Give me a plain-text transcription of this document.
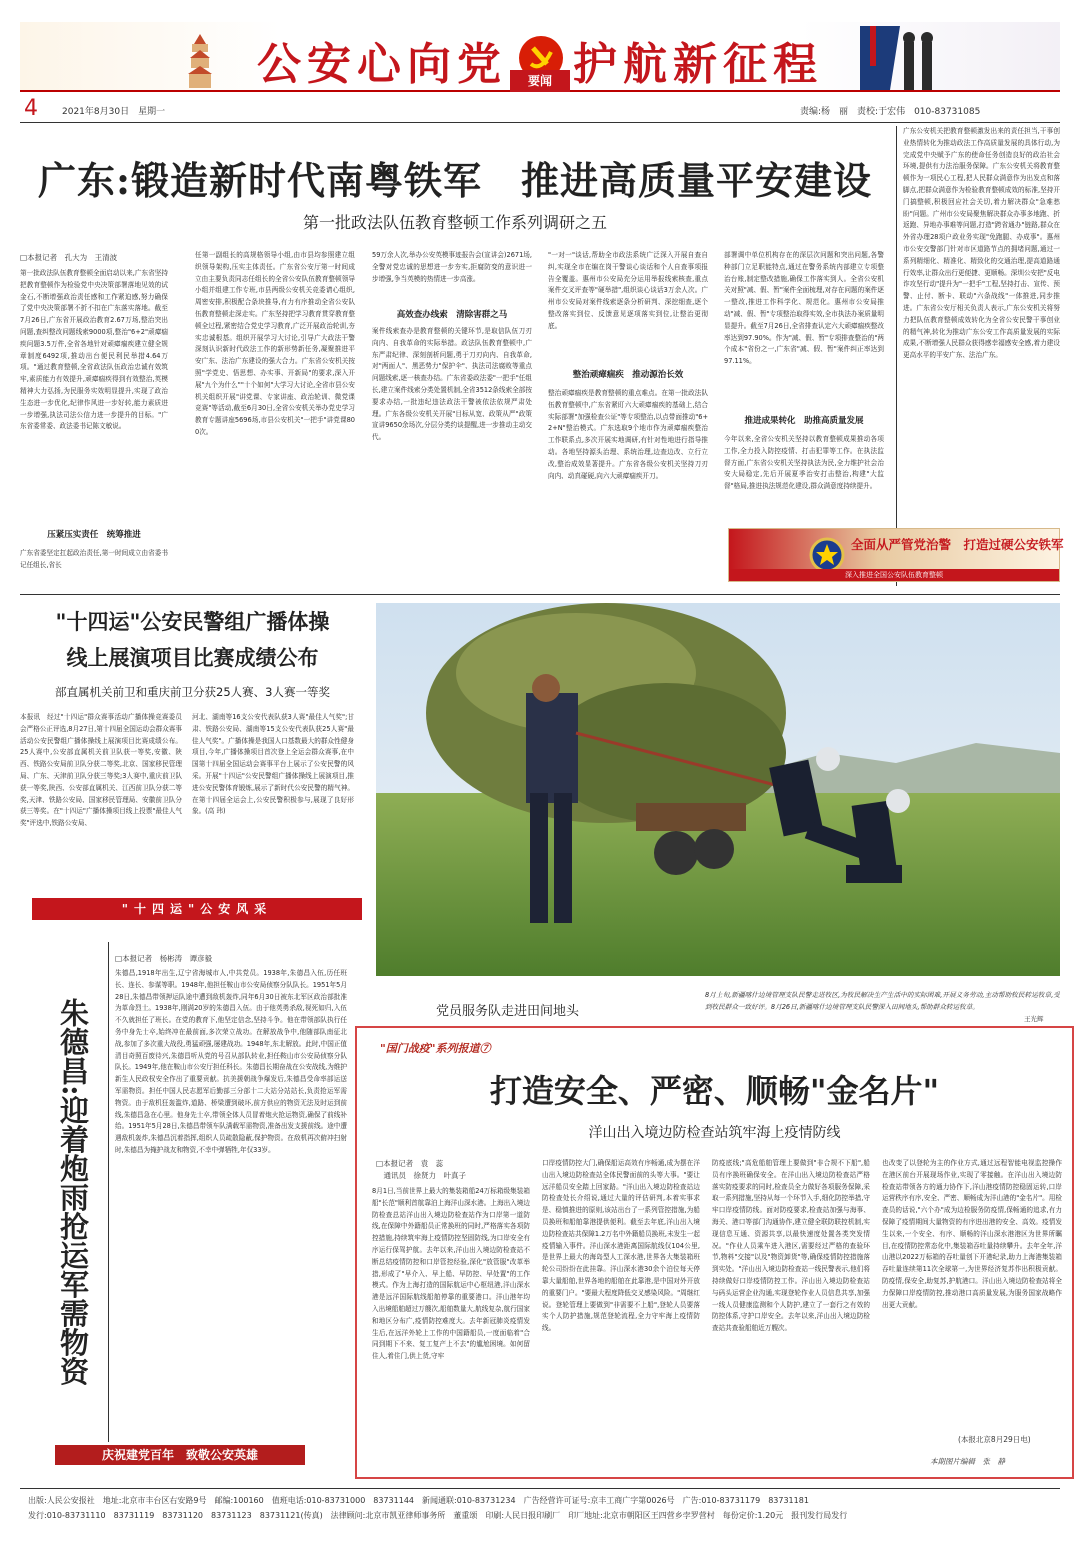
公安心向党 护航新征程
要闻
4	2021年8月30日　星期一	责编:杨　丽　责校:于宏伟　010-83731085
广东:锻造新时代南粤铁军　推进高质量平安建设
第一批政法队伍教育整顿工作系列调研之五
□本报记者　孔大为　王清波
第一批政法队伍教育整顿全面启动以来,广东省坚持把教育整顿作为检验党中央决策部署落地见效的试金石,不断增强政治责任感和工作紧迫感,努力确保了党中央决策部署不折不扣在广东落实落地。截至7月26日,广东省开展政治教育2.67万场,整治突出问题,查纠整改问题线索9000项,整治"6+2"顽瘴痼疾问题3.5万件,全省各地针对顽瘴痼疾建立健全规章制度6492项,推动出台便民利民举措4.64万项。"通过教育整顿,全省政法队伍政治忠诚有效筑牢,素质能力有效提升,顽瘴痼疾得到有效整治,英模精神大力弘扬,为民服务实效明显提升,实现了政治生态进一步优化,纪律作风进一步好转,能力素质进一步增强,执法司法公信力进一步提升的目标。"广东省委常委、政法委书记陈文敏说。
压紧压实责任　统筹推进
广东省委坚定扛起政治责任,第一时间成立由省委书记任组长,省长
任第一副组长的高规格领导小组,由市县均参照建立组织领导架构,压实主体责任。广东省公安厅第一时间成立由主要负责同志任组长的全省公安队伍教育整顿领导小组并组建工作专班,市县两级公安机关竞委请心组织,周密安排,积极配合条块推导,有力有序推动全省公安队伍教育整顿走深走实。广东坚持把学习教育贯穿教育整顿全过程,紧密结合党史学习教育,广泛开展政治轮训,夯实忠诚根基。组织开展学习大讨论,引导广大政法干警深刻认识新时代政法工作的新形势新任务,凝聚推进平安广东、法治广东建设的强大合力。广东省公安机关按照"学党史、悟思想、办实事、开新局"的要求,深入开展"九个为什么""十个如何"大学习大讨论,全省市县公安机关组织开展"讲党课、专家讲座、政治轮训、微党课竞赛"等活动,截至6月30日,全省公安机关举办党史学习教育专题讲座5696场,市县公安机关"一把手"讲党课800次。
59万余人次,举办公安英模事迹报告会(宣讲会)2671场,全警对党忠诚的思想进一步夯实,拒腐防变的意识进一步增强,争当英模的热情进一步高涨。
高效查办线索　清除害群之马
案件线索查办是教育整顿的关键环节,是取信队伍刀刃向内、自我革命的实际举措。政法队伍教育整顿中,广东严肃纪律、深刻剖析问题,勇于刀刃向内、自我革命,对"两面人"、黑恶势力"保护伞"、执法司法腐败等重点问题线索,逐一核查办结。广东省委政法委"一把手"任组长,建立案件线索分类处置机制,全省3512条线索全部按要求办结,一批违纪违法政法干警被依法依规严肃处理。广东各级公安机关开展"目标从宽、政策从严"政策宣讲9650余场次,分层分类约谈提醒,进一步推动主动交代。
"一对一"谈话,帮助全市政法系统广泛深入开展自查自纠,实现全市在编在岗干警谈心谈话和个人自查事项报告全覆盖。惠州市公安局充分运用举报线索核查,重点案件交叉评查等"硬举措",组织谈心谈话3万余人次。广州市公安局对案件线索逐条分析研判、深挖细查,逐个整改落实到位、反馈意见逐项落实到位,让整治更彻底。
整治顽瘴痼疾　推动源治长效
整治顽瘴痼疾是教育整顿的重点难点。在第一批政法队伍教育整顿中,广东省紧盯六大顽瘴痼疾的基础上,结合实际部署"加强检查公证"等专项整治,以点带面推动"6+2+N"整治模式。广东选取9个地市作为顽瘴痼疾整治工作联系点,多次开展实地调研,有针对性地进行指导推动。各地坚持源头治理、系统治理,边查边改、立行立改,整治成效显著提升。广东省各级公安机关坚持刀刃向内、动真碰硬,向六大顽瘴痼疾开刀。
部署调中单位机构存在的深层次问题和突出问题,各警种部门立足职能特点,通过在警务系统内部建立专项整治台账,制定整改措施,确保工作落实到人。全省公安机关对照"减、假、暂"案件全面梳理,对存在问题的案件逐一整改,推进工作科学化、规范化。惠州市公安局推动"减、假、暂"专项整治取得实效,全市执法办案质量明显提升。截至7月26日,全省排查认定六大顽瘴痼疾整改率达到97.90%。作为"减、假、暂"专项排查整治的"两个成本"省份之一,广东省"减、假、暂"案件纠正率达到97.11%。
推进成果转化　助推高质量发展
今年以来,全省公安机关坚持以教育整顿成果推动各项工作,全力投入防控疫情、打击犯罪等工作。在执法监督方面,广东省公安机关坚持执法为民,全力维护社会治安大局稳定,先后开展夏季治安打击整治,构建"大监督"格局,推进执法规范化建设,群众满意度持续提升。
广东公安机关把教育整顿激发出来的责任担当,干事创业热情转化为推动政法工作高质量发展的具体行动,为完成党中央赋予广东的使命任务创造良好的政治社会环境,提供有力法治服务保障。广东公安机关将教育整顿作为一项民心工程,把人民群众满意作为出发点和落脚点,把群众满意作为检验教育整顿成效的标准,坚持开门搞整顿,积极回应社会关切,着力解决群众"急难愁盼"问题。广州市公安局聚焦解决群众办事多地跑、折返跑、异地办事难等问题,打造"跨省通办"链路,群众在外省办理28项户政业务实现"免跑腿、办成事"。惠州市公安交警部门针对市区道路节点的拥堵问题,通过一系列精细化、精准化、精致化的交通治理,提高道路通行效率,让群众出行更便捷、更顺畅。深圳公安把"反电诈攻坚行动"提升为"一把手"工程,坚持打击、宣传、预警、止付、断卡、联动"六条战线"一体推进,同步推进。广东省公安厅相关负责人表示,广东公安机关将努力把队伍教育整顿成效转化为全省公安民警干事创业的精气神,转化为推动广东公安工作高质量发展的实际成果,不断增强人民群众获得感幸福感安全感,着力建设更高水平的平安广东、法治广东。
全面从严管党治警　打造过硬公安铁军
深入推进全国公安队伍教育整顿
"十四运"公安民警组广播体操
线上展演项目比赛成绩公布
部直属机关前卫和重庆前卫分获25人赛、3人赛一等奖
本报讯　经过"十四运"群众赛事活动广播体操竞赛委员会严格公正评选,8月27日,第十四届全国运动会群众赛事活动公安民警组广播体操线上展演项目比赛成绩公布。25人赛中,公安部直属机关前卫队获一等奖,安徽、陕西、铁路公安局前卫队分获二等奖,北京、国家移民管理局、广东、天津前卫队分获三等奖;3人赛中,重庆前卫队获一等奖,陕西、公安部直属机关、江西前卫队分获二等奖,天津、铁路公安局、国家移民管理局、安徽前卫队分获三等奖。在"十四运"广播体操项目线上投票"最佳人气奖"评选中,铁路公安局、
河北、湖南等16支公安代表队获3人赛"最佳人气奖";甘肃、铁路公安局、湖南等15支公安代表队获25人赛"最佳人气奖"。广播体操是我国人口基数最大的群众性健身项目,今年,广播体操项目首次登上全运会群众赛事,在中国第十四届全国运动会赛事平台上展示了公安民警的风采。开展"十四运"公安民警组广播体操线上展演项目,推进公安民警体育锻炼,展示了新时代公安民警的精气神。在第十四届全运会上,公安民警积极参与,展现了良好形象。(高 玮)
"十四运"公安风采
党员服务队走进田间地头
8月上旬,新疆喀什边境管理支队民警走进牧区,为牧民解决生产生活中的实际困难,开展义务劳动,主动帮助牧民转运牧草,受到牧民群众一致好评。8月26日,新疆喀什边境管理支队民警深入田间地头,帮助群众转运牧草。
王光辉
朱德昌:迎着炮雨抢运军需物资
□本报记者　杨彬涛　谭彦毅
朱德昌,1918年出生,辽宁省海城市人,中共党员。1938年,朱德昌入伍,历任班长、连长、参谋等职。1948年,他担任鞍山市公安局侦察分队队长。1951年5月28日,朱德昌带领押运队途中遭到敌机轰炸,同年6月30日被东北军区政治部批准为革命烈士。1938年,刚满20岁的朱德昌入伍。由于他英勇杀敌,视死如归,入伍不久就担任了班长。在党的教育下,他坚定信念,坚持斗争。他在带领部队执行任务中身先士卒,始终冲在最前面,多次荣立战功。在解放战争中,他随部队南征北战,参加了多次重大战役,勇猛顽强,屡建战功。1948年,东北解放。此时,中国正值清目奇照百废待兴,朱德昌听从党的号召从部队转业,担任鞍山市公安局侦察分队队长。1949年,他在鞍山市公安厅担任科长。朱德昌长期奋战在公安战线,为维护新生人民政权安全作出了重要贡献。抗美援朝战争爆发后,朱德昌受命率部运送军需物资。担任中国人民志愿军后勤部三分部十二大站分站站长,负责抢运军需物资。由于敌机狂轰滥炸,道路、桥梁遭到破坏,前方供应的物资无法及时运到前线,朱德昌急在心里。他身先士卒,带领全体人员冒着炮火抢运物资,确保了前线补给。1951年5月28日,朱德昌带领车队满载军需物资,准备出发支援前线。途中遭遇敌机轰炸,朱德昌沉着指挥,组织人员疏散隐蔽,保护物资。在敌机再次俯冲扫射时,朱德昌为掩护战友和物资,不幸中弹牺牲,年仅33岁。
庆祝建党百年　致敬公安英雄
"国门战疫"系列报道⑦
打造安全、严密、顺畅"金名片"
洋山出入境边防检查站筑牢海上疫情防线
□本报记者　袁　蕊
　通讯员　徐贤力　叶真子
8月1日,当前世界上最大的集装箱船24万标箱级集装箱船"长范"顺利首航靠泊上海洋山深水港。上海出入境边防检查总站洋山出入境边防检查站作为口岸第一道防线,在保障中外籍船员正常换班的同时,严格落实各项防控措施,持续筑牢海上疫情防控坚固防线,为口岸安全有序运行保驾护航。去年以来,洋山出入境边防检查站不断总结疫情防控和口岸管控经验,深化"放管服"改革举措,形成了"早介入、早上船、早防控、早处置"的工作模式。作为上海打造的国际航运中心枢纽港,洋山深水港是远洋国际航线船舶停靠的重要港口。洋山港年均入出境船舶超过万艘次,船舶数量大,航线复杂,航行国家和地区分布广,疫情防控难度大。去年新冠肺炎疫情发生后,在远洋外轮上工作的中国籍船员,一度面临着"合同到期下不来、复工复产上不去"的尴尬困境。如何留住人,着住门,供上货,守牢
口岸疫情防控大门,确保船运高效有序畅通,成为摆在洋山出入境边防检查站全体民警面前的头等大事。"要让远洋船员安全踏上回家路。"洋山出入境边防检查站边防检查处长介绍说,通过大量的评估研判,本着实事求是、稳慎推进的原则,该站出台了一系列管控措施,为船员换班和船舶靠港提供便利。截至去年底,洋山出入境边防检查站共保障1.2万名中外籍船员换班,未发生一起疫情输入事件。洋山深水港距离国际航线仅104公里,是世界上最大的海岛型人工深水港,世界各大集装箱班轮公司纷纷在此挂靠。洋山深水港30余个泊位每天停靠大量船舶,世界各地的船舶在此靠港,是中国对外开放的重要门户。"要最大程度降低交叉感染风险。"周继红说。登轮管理上要做到"非需要不上船",登轮人员要落实个人防护措施,规范登轮流程,全力守牢海上疫情防线。
防疫底线;"高危船舶管理上要做到"非合规不下船",船员有序换班确保安全。在洋山出入境边防检查站严格落实防疫要求的同时,检查员全力做好各项服务保障,采取一系列措施,坚持从每一个环节入手,细化防控举措,守牢口岸疫情防线。面对防疫要求,检查站加强与海事、海关、港口等部门沟通协作,建立健全联防联控机制,实现信息互通、资源共享,以最快速度处置各类突发情况。"作业人员乘车进入港区,需要经过严格的查验环节,物料"交接"以及"物资卸货"等,确保疫情防控措施落到实处。"洋山出入境边防检查站一线民警表示,他们将持续做好口岸疫情防控工作。洋山出入境边防检查站与码头运营企业沟通,实现登轮作业人员信息共享,加强一线人员健康监测和个人防护,建立了一套行之有效的防控体系,守护口岸安全。去年以来,洋山出入境边防检查站共查验船舶近万艘次。
也改变了以登轮为主的作业方式,通过远程智能电视监控操作在港区前台开展现场作业,实现了零接触。在洋山出入境边防检查站带领各方的通力协作下,洋山港疫情防控稳固运转,口岸运营秩序有序,安全、严密、顺畅成为洋山港的"金名片"。用检查员的话说,"六个办"成为边检服务防疫情,保畅通的追求,有力保障了疫情期间大量物资的有序进出港的安全、高效。疫情发生以来,一个安全、有序、顺畅的洋山深水港港区为世界所瞩目,在疫情防控常态化中,集装箱吞吐量持续攀升。去年全年,洋山港以2022万标箱的吞吐量创下开港纪录,助力上海港集装箱吞吐量连续第11次全球第一,为世界经济复苏作出积极贡献。防疫情,保安全,助复苏,护航港口。洋山出入境边防检查站将全力保障口岸疫情防控,推动港口高质量发展,为服务国家战略作出更大贡献。
(本报北京8月29日电)
本期图片编辑　张　静
出版:人民公安报社　地址:北京市丰台区右安路9号　邮编:100160　值班电话:010-83731000　83731144　新闻通联:010-83731234　广告经营许可证号:京丰工商广字第0026号　广告:010-83731179　83731181
发行:010-83731110　83731119　83731120　83731123　83731121(传真)　法律顾问:北京市凯亚律师事务所　董重颂　印刷:人民日报印刷厂　印厂地址:北京市朝阳区王四营乡孛罗营村　每份定价:1.20元　报刊发行局发行
